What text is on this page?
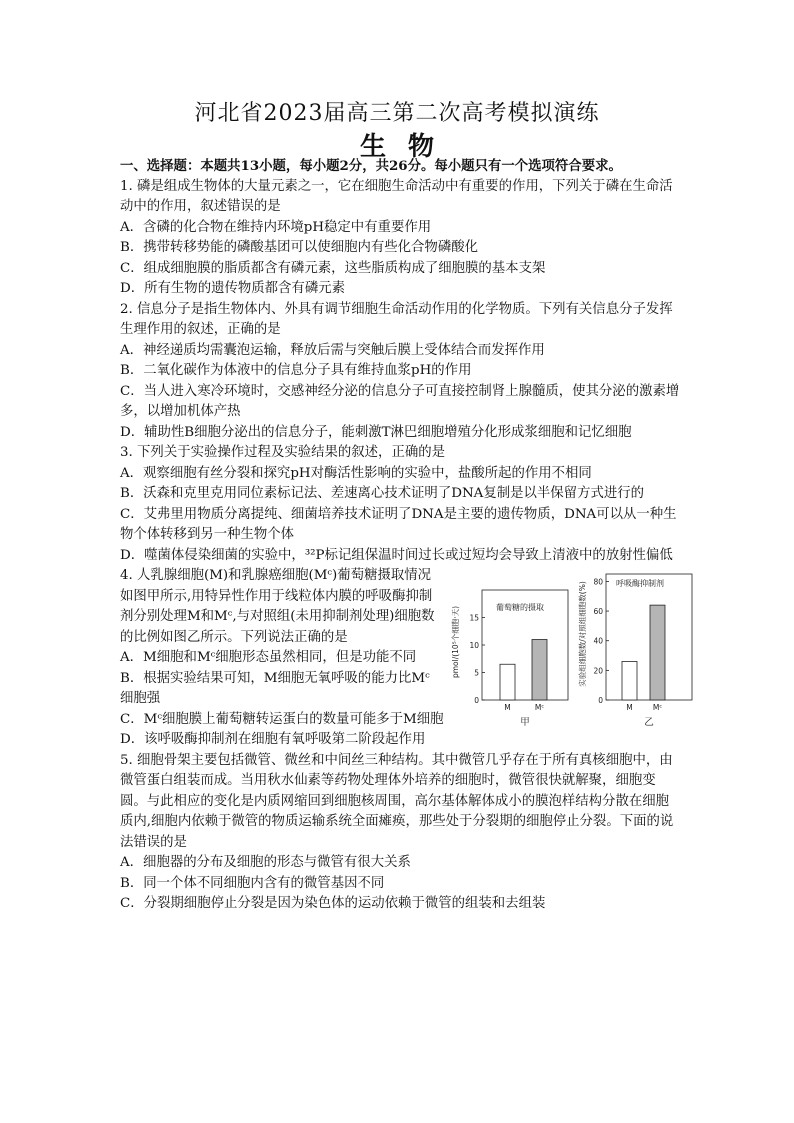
河北省2023届高三第二次高考模拟演练
生物

一、选择题：本题共13小题，每小题2分，共26分。每小题只有一个选项符合要求。

1. 磷是组成生物体的大量元素之一，它在细胞生命活动中有重要的作用，下列关于磷在生命活动中的作用，叙述错误的是

A．含磷的化合物在维持内环境pH稳定中有重要作用

B．携带转移势能的磷酸基团可以使细胞内有些化合物磷酸化

C．组成细胞膜的脂质都含有磷元素，这些脂质构成了细胞膜的基本支架

D．所有生物的遗传物质都含有磷元素

2. 信息分子是指生物体内、外具有调节细胞生命活动作用的化学物质。下列有关信息分子发挥生理作用的叙述，正确的是

A．神经递质均需囊泡运输，释放后需与突触后膜上受体结合而发挥作用

B．二氧化碳作为体液中的信息分子具有维持血浆pH的作用

C．当人进入寒冷环境时，交感神经分泌的信息分子可直接控制肾上腺髓质，使其分泌的激素增多，以增加机体产热

D．辅助性B细胞分泌出的信息分子，能刺激T淋巴细胞增殖分化形成浆细胞和记忆细胞

3. 下列关于实验操作过程及实验结果的叙述，正确的是

A．观察细胞有丝分裂和探究pH对酶活性影响的实验中，盐酸所起的作用不相同

B．沃森和克里克用同位素标记法、差速离心技术证明了DNA复制是以半保留方式进行的

C．艾弗里用物质分离提纯、细菌培养技术证明了DNA是主要的遗传物质，DNA可以从一种生物个体转移到另一种生物个体

D．噬菌体侵染细菌的实验中，³²P标记组保温时间过长或过短均会导致上清液中的放射性偏低

4. 人乳腺细胞(M)和乳腺癌细胞(Mᶜ)葡萄糖摄取情况如图甲所示,用特异性作用于线粒体内膜的呼吸酶抑制剂分别处理M和Mᶜ,与对照组(未用抑制剂处理)细胞数的比例如图乙所示。下列说法正确的是

A．M细胞和Mᶜ细胞形态虽然相同，但是功能不同

B．根据实验结果可知，M细胞无氧呼吸的能力比Mᶜ细胞强	0
5
10
15
M	Mᶜ
葡萄糖的摄取
pmol/(10⁵个细胞·天)
甲
0
20
40
60
80
M	Mᶜ
呼吸酶抑制剂
实验组细胞数/对照组细胞数(%)
乙

C．Mᶜ细胞膜上葡萄糖转运蛋白的数量可能多于M细胞

D．该呼吸酶抑制剂在细胞有氧呼吸第二阶段起作用

5. 细胞骨架主要包括微管、微丝和中间丝三种结构。其中微管几乎存在于所有真核细胞中，由微管蛋白组装而成。当用秋水仙素等药物处理体外培养的细胞时，微管很快就解聚，细胞变圆。与此相应的变化是内质网缩回到细胞核周围，高尔基体解体成小的膜泡样结构分散在细胞质内,细胞内依赖于微管的物质运输系统全面瘫痪，那些处于分裂期的细胞停止分裂。下面的说法错误的是

A．细胞器的分布及细胞的形态与微管有很大关系

B．同一个体不同细胞内含有的微管基因不同

C．分裂期细胞停止分裂是因为染色体的运动依赖于微管的组装和去组装
